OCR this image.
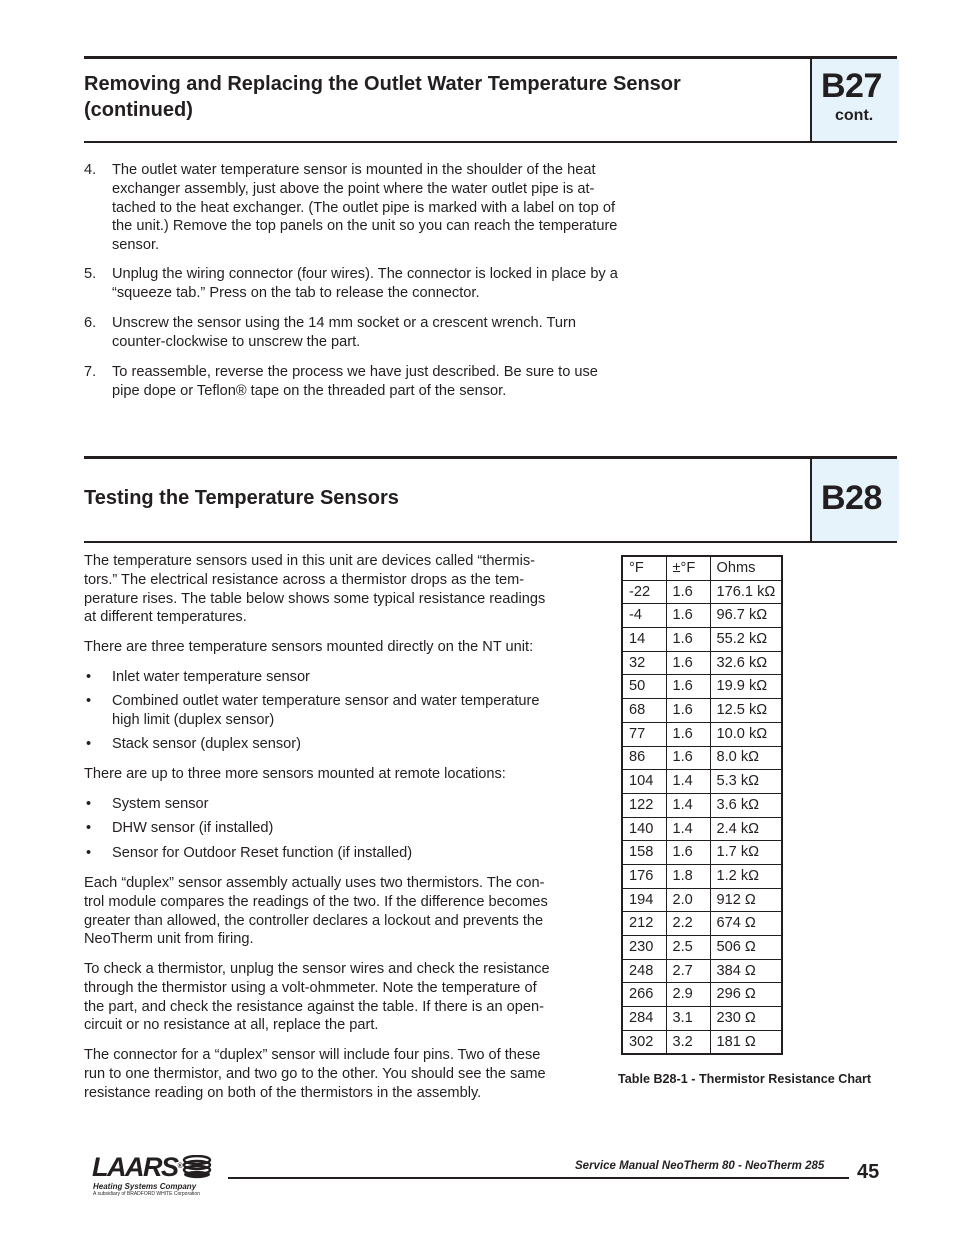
Removing and Replacing the Outlet Water Temperature Sensor
(continued)
B27
cont.
4. The outlet water temperature sensor is mounted in the shoulder of the heat
exchanger assembly, just above the point where the water outlet pipe is at-
tached to the heat exchanger. (The outlet pipe is marked with a label on top of
the unit.) Remove the top panels on the unit so you can reach the temperature
sensor.
5. Unplug the wiring connector (four wires). The connector is locked in place by a
“squeeze tab.” Press on the tab to release the connector.
6. Unscrew the sensor using the 14 mm socket or a crescent wrench. Turn
counter-clockwise to unscrew the part.
7. To reassemble, reverse the process we have just described. Be sure to use
pipe dope or Teflon® tape on the threaded part of the sensor.
Testing the Temperature Sensors	B28
The temperature sensors used in this unit are devices called “thermis-
tors.” The electrical resistance across a thermistor drops as the tem-
perature rises. The table below shows some typical resistance readings
at different temperatures.
There are three temperature sensors mounted directly on the NT unit:
• Inlet water temperature sensor
• Combined outlet water temperature sensor and water temperature
high limit (duplex sensor)
• Stack sensor (duplex sensor)
There are up to three more sensors mounted at remote locations:
• System sensor
• DHW sensor (if installed)
• Sensor for Outdoor Reset function (if installed)
Each “duplex” sensor assembly actually uses two thermistors. The con-
trol module compares the readings of the two. If the difference becomes
greater than allowed, the controller declares a lockout and prevents the
NeoTherm unit from firing.
To check a thermistor, unplug the sensor wires and check the resistance
through the thermistor using a volt-ohmmeter. Note the temperature of
the part, and check the resistance against the table. If there is an open-
circuit or no resistance at all, replace the part.
The connector for a “duplex” sensor will include four pins. Two of these
run to one thermistor, and two go to the other. You should see the same
resistance reading on both of the thermistors in the assembly.
°F	±°F	Ohms
-22	1.6	176.1 kΩ
-4	1.6	96.7 kΩ
14	1.6	55.2 kΩ
32	1.6	32.6 kΩ
50	1.6	19.9 kΩ
68	1.6	12.5 kΩ
77	1.6	10.0 kΩ
86	1.6	8.0 kΩ
104	1.4	5.3 kΩ
122	1.4	3.6 kΩ
140	1.4	2.4 kΩ
158	1.6	1.7 kΩ
176	1.8	1.2 kΩ
194	2.0	912 Ω
212	2.2	674 Ω
230	2.5	506 Ω
248	2.7	384 Ω
266	2.9	296 Ω
284	3.1	230 Ω
302	3.2	181 Ω
Table B28-1 - Thermistor Resistance Chart
LAARS®
Heating Systems Company
A subsidiary of BRADFORD WHITE Corporation
Service Manual NeoTherm 80 - NeoTherm 285 45
